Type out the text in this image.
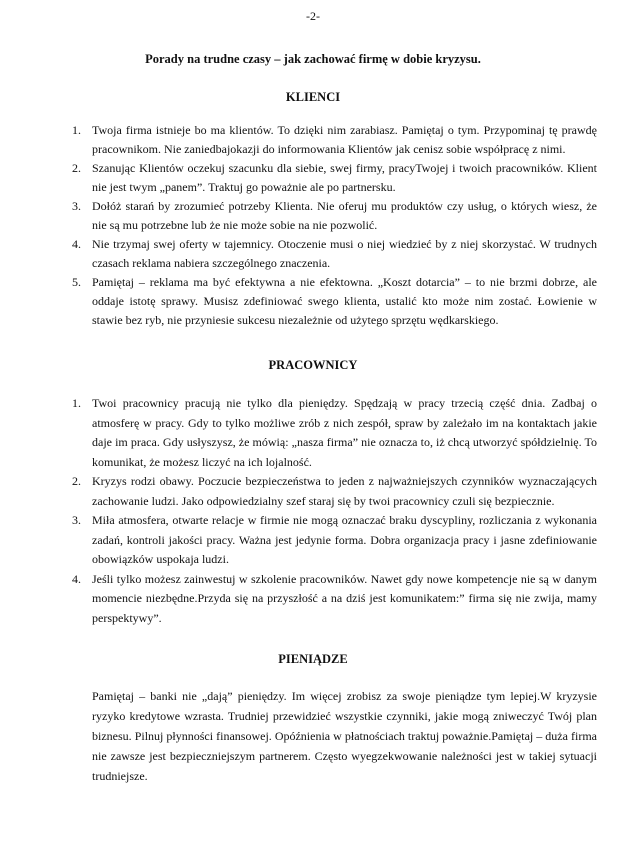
-2-
Porady na trudne czasy – jak zachować firmę w dobie kryzysu.
KLIENCI
1. Twoja firma istnieje bo ma klientów. To dzięki nim zarabiasz. Pamiętaj o tym. Przypominaj tę prawdę pracownikom. Nie zaniedbajokazji do informowania Klientów jak cenisz sobie współpracę z nimi.
2. Szanując Klientów oczekuj szacunku dla siebie, swej firmy, pracyTwojej i twoich pracowników. Klient nie jest twym „panem”. Traktuj go poważnie ale po partnersku.
3. Dołóż starań by zrozumieć potrzeby Klienta. Nie oferuj mu produktów czy usług, o których wiesz, że nie są mu potrzebne lub że nie może sobie na nie pozwolić.
4. Nie trzymaj swej oferty w tajemnicy. Otoczenie musi o niej wiedzieć by z niej skorzystać. W trudnych czasach reklama nabiera szczególnego znaczenia.
5. Pamiętaj – reklama ma być efektywna a nie efektowna. „Koszt dotarcia” – to nie brzmi dobrze, ale oddaje istotę sprawy. Musisz zdefiniować swego klienta, ustalić kto może nim zostać. Łowienie w stawie bez ryb, nie przyniesie sukcesu niezależnie od użytego sprzętu wędkarskiego.
PRACOWNICY
1. Twoi pracownicy pracują nie tylko dla pieniędzy. Spędzają w pracy trzecią część dnia. Zadbaj o atmosferę w pracy. Gdy to tylko możliwe zrób z nich zespół, spraw by zależało im na kontaktach jakie daje im praca. Gdy usłyszysz, że mówią: „nasza firma” nie oznacza to, iż chcą utworzyć spółdzielnię. To komunikat, że możesz liczyć na ich lojalność.
2. Kryzys rodzi obawy. Poczucie bezpieczeństwa to jeden z najważniejszych czynników wyznaczających zachowanie ludzi. Jako odpowiedzialny szef staraj się by twoi pracownicy czuli się bezpiecznie.
3. Miła atmosfera, otwarte relacje w firmie nie mogą oznaczać braku dyscypliny, rozliczania z wykonania zadań, kontroli jakości pracy. Ważna jest jedynie forma. Dobra organizacja pracy i jasne zdefiniowanie obowiązków uspokaja ludzi.
4. Jeśli tylko możesz zainwestuj w szkolenie pracowników. Nawet gdy nowe kompetencje nie są w danym momencie niezbędne.Przyda się na przyszłość a na dziś jest komunikatem:” firma się nie zwija, mamy perspektywy”.
PIENIĄDZE

Pamiętaj – banki nie „dają” pieniędzy. Im więcej zrobisz za swoje pieniądze tym lepiej.W kryzysie ryzyko kredytowe wzrasta. Trudniej przewidzieć wszystkie czynniki, jakie mogą zniweczyć Twój plan biznesu. Pilnuj płynności finansowej. Opóźnienia w płatnościach traktuj poważnie.Pamiętaj – duża firma nie zawsze jest bezpieczniejszym partnerem. Często wyegzekwowanie należności jest w takiej sytuacji trudniejsze.
